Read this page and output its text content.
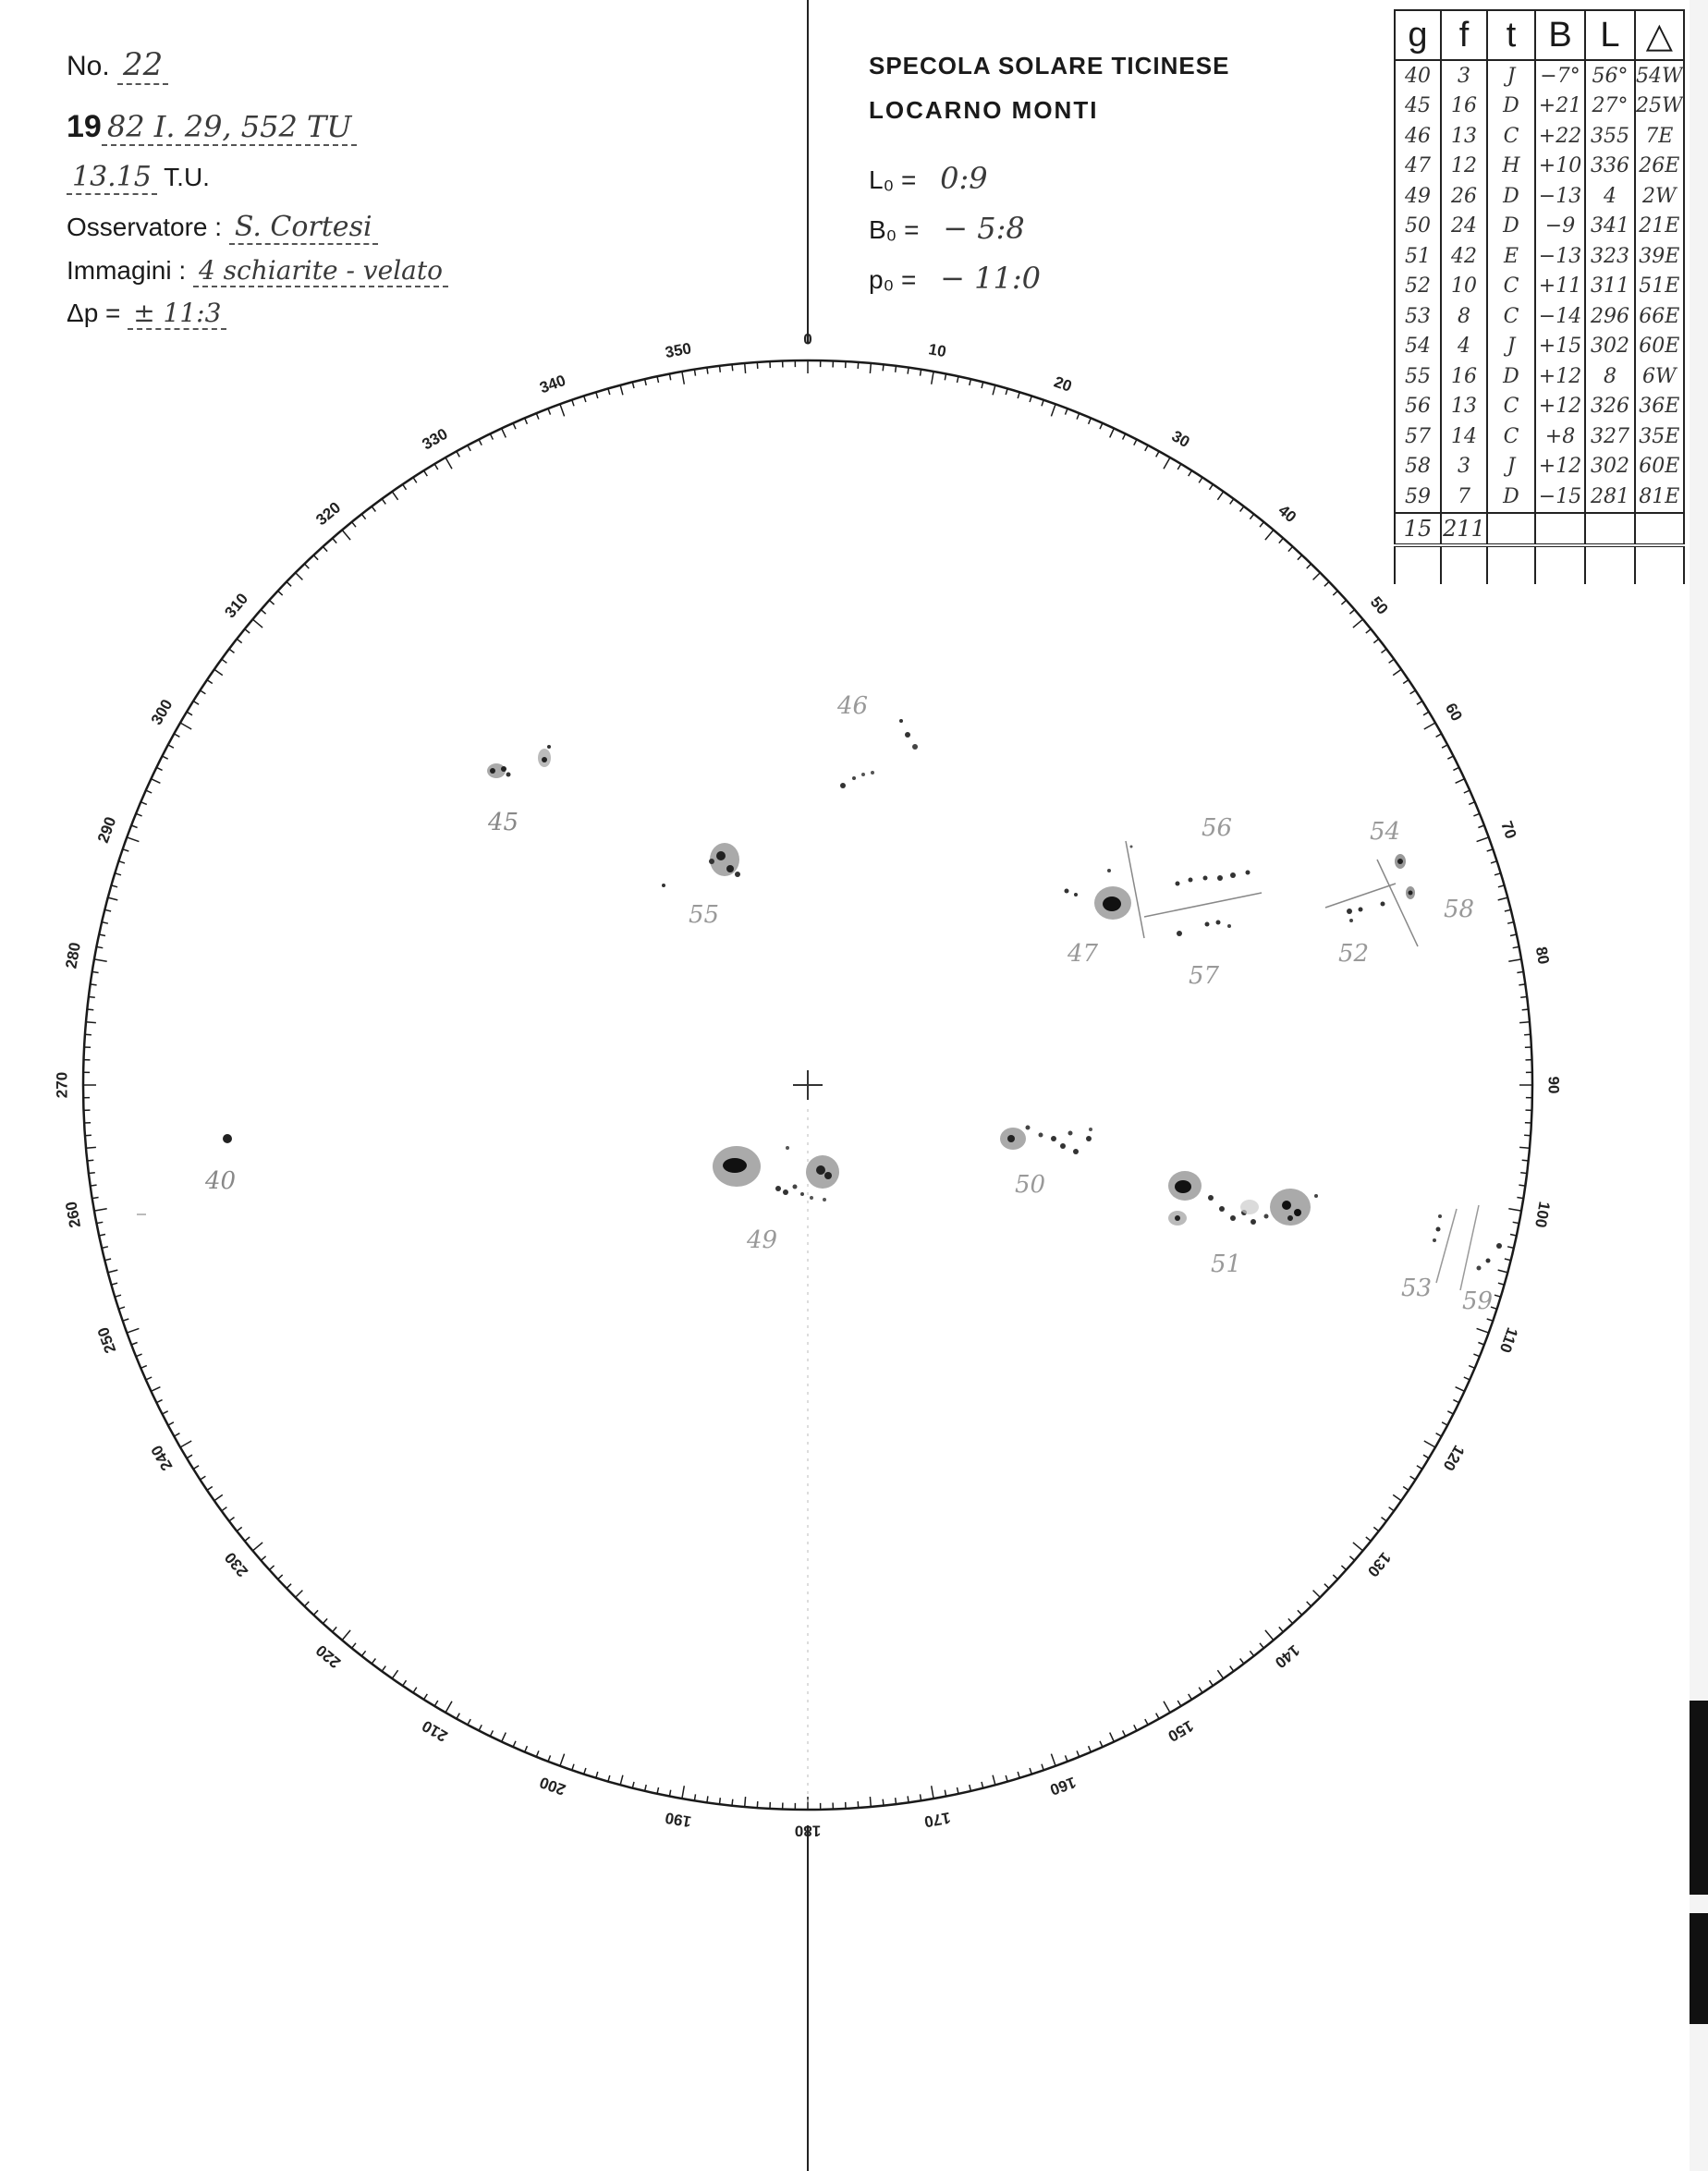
No. 22
19 82 I. 29, 552 TU
13.15 T.U.
Osservatore : S. Cortesi
Immagini : 4 schiarite - velato
Δp = ± 11:3
SPECOLA SOLARE TICINESE
LOCARNO MONTI
L₀ = 0:9
B₀ = − 5:8
p₀ = − 11:0
g	f	t	B	L	△
40	3	J	−7°	56°	54W
45	16	D	+21	27°	25W
46	13	C	+22	355	7E
47	12	H	+10	336	26E
49	26	D	−13	4	2W
50	24	D	−9	341	21E
51	42	E	−13	323	39E
52	10	C	+11	311	51E
53	8	C	−14	296	66E
54	4	J	+15	302	60E
55	16	D	+12	8	6W
56	13	C	+12	326	36E
57	14	C	+8	327	35E
58	3	J	+12	302	60E
59	7	D	−15	281	81E
15	211				

0
10
20
30
40
50
60
70
80
90
100
110
120
130
140
150
160
170
180
190
200
210
220
230
240
250
260
270
280
290
300
310
320
330
340
350
40
45
46
55
47
56
57
52
54
58
49
50
51
53 59
